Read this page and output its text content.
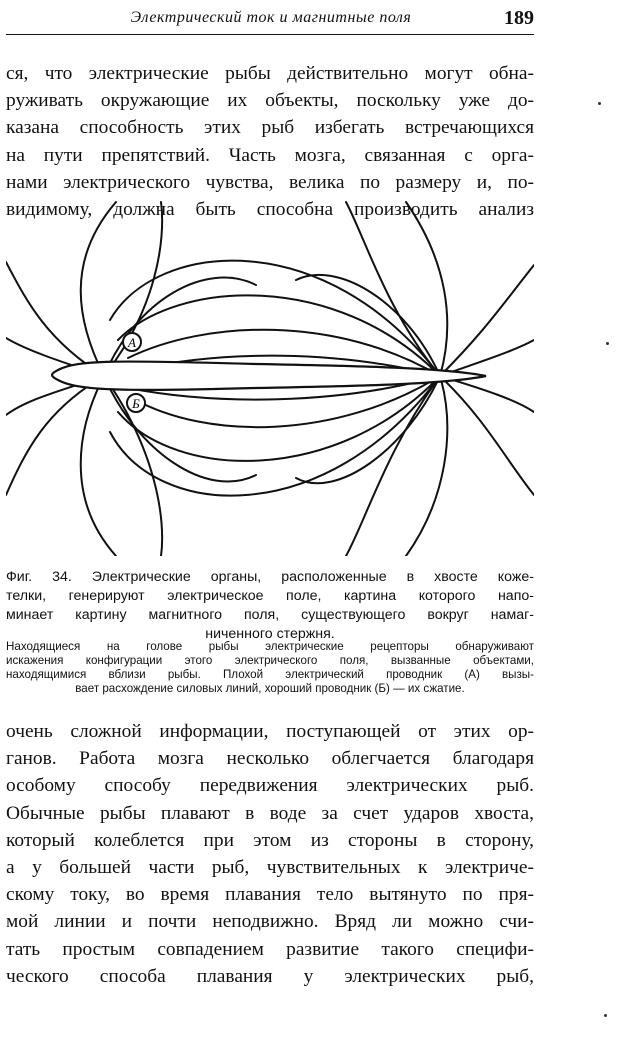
Электрический ток и магнитные поля	189
ся, что электрические рыбы действительно могут обна-
руживать окружающие их объекты, поскольку уже до-
казана способность этих рыб избегать встречающихся
на пути препятствий. Часть мозга, связанная с орга-
нами электрического чувства, велика по размеру и, по-
видимому, должна быть способна производить анализ
А
Б
Фиг. 34. Электрические органы, расположенные в хвосте коже-
телки, генерируют электрическое поле, картина которого напо-
минает картину магнитного поля, существующего вокруг намаг-
ниченного стержня.
Находящиеся на голове рыбы электрические рецепторы обнаруживают
искажения конфигурации этого электрического поля, вызванные объектами,
находящимися вблизи рыбы. Плохой электрический проводник (А) вызы-
вает расхождение силовых линий, хороший проводник (Б) — их сжатие.
очень сложной информации, поступающей от этих ор-
ганов. Работа мозга несколько облегчается благодаря
особому способу передвижения электрических рыб.
Обычные рыбы плавают в воде за счет ударов хвоста,
который колеблется при этом из стороны в сторону,
а у большей части рыб, чувствительных к электриче-
скому току, во время плавания тело вытянуто по пря-
мой линии и почти неподвижно. Вряд ли можно счи-
тать простым совпадением развитие такого специфи-
ческого способа плавания у электрических рыб,
